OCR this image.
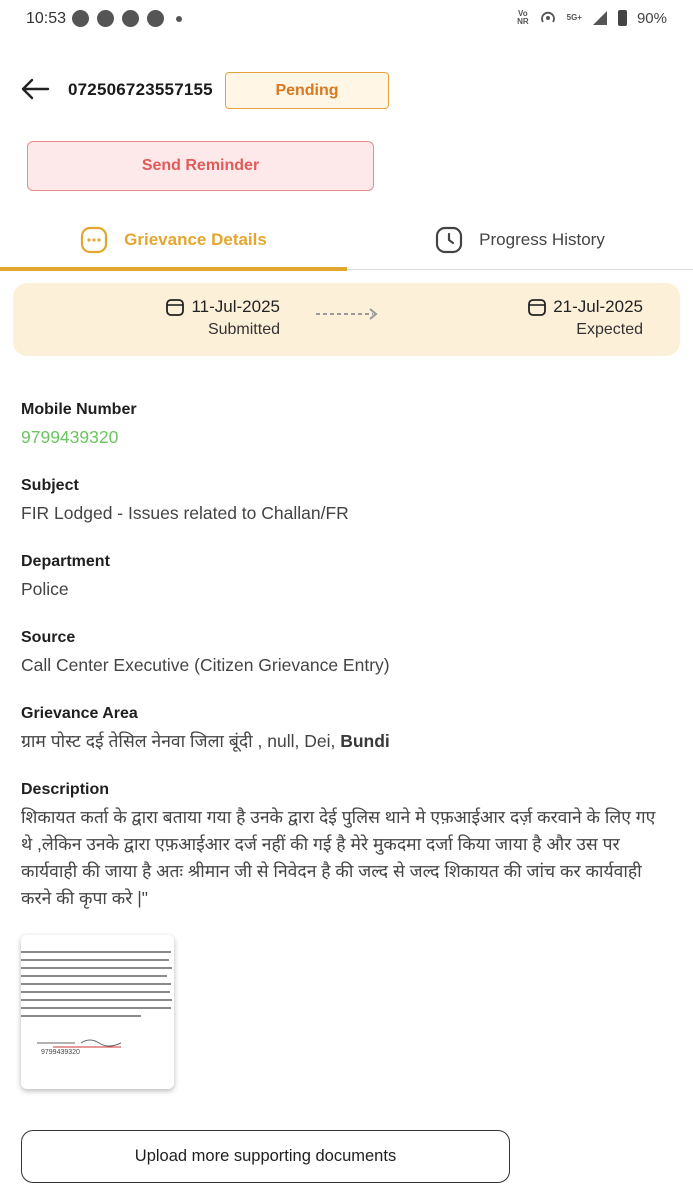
10:53	Vo
NR	5G+	90%
072506723557155	Pending
Send Reminder
Grievance Details	Progress History
11-Jul-2025
Submitted
21-Jul-2025
Expected
Mobile Number
9799439320
Subject
FIR Lodged - Issues related to Challan/FR
Department
Police
Source
Call Center Executive (Citizen Grievance Entry)
Grievance Area
ग्राम पोस्ट दई तेसिल नेनवा जिला बूंदी , null, Dei, Bundi
Description
शिकायत कर्ता के द्वारा बताया गया है उनके द्वारा देई पुलिस थाने मे एफ़आईआर दर्ज़ करवाने के लिए गए थे ,लेकिन उनके द्वारा एफ़आईआर दर्ज नहीं की गई है मेरे मुकदमा दर्जा किया जाया है और उस पर कार्यवाही की जाया है अतः श्रीमान जी से निवेदन है की जल्द से जल्द शिकायत की जांच कर कार्यवाही करने की कृपा करे |"
9799439320
Upload more supporting documents
